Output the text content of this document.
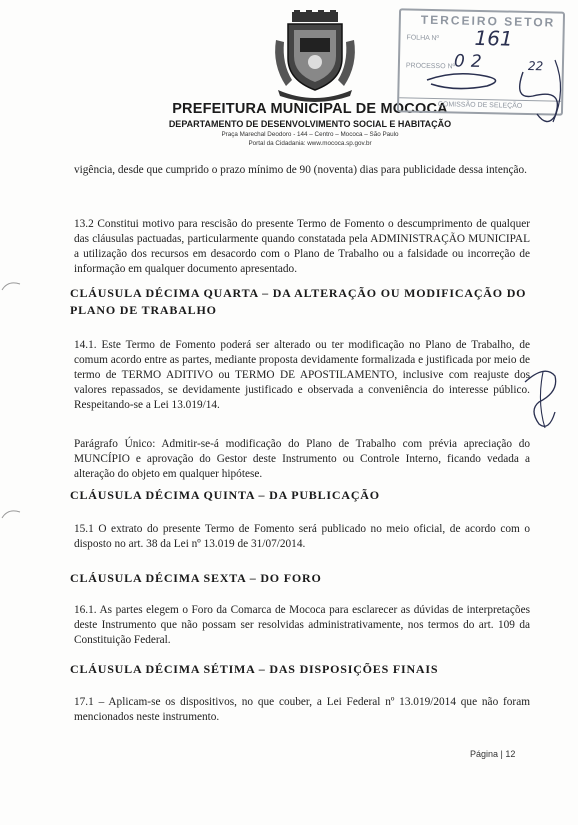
PREFEITURA MUNICIPAL DE MOCOCA
DEPARTAMENTO DE DESENVOLVIMENTO SOCIAL E HABITAÇÃO
Praça Marechal Deodoro - 144 – Centro – Mococa – São Paulo
Portal da Cidadania: www.mococa.sp.gov.br
TERCEIRO SETOR
FOLHA Nº
PROCESSO Nº
161
02	22
COMISSÃO DE SELEÇÃO
vigência, desde que cumprido o prazo mínimo de 90 (noventa) dias para publicidade dessa intenção.
13.2 Constitui motivo para rescisão do presente Termo de Fomento o descumprimento de qualquer das cláusulas pactuadas, particularmente quando constatada pela ADMINISTRAÇÃO MUNICIPAL a utilização dos recursos em desacordo com o Plano de Trabalho ou a falsidade ou incorreção de informação em qualquer documento apresentado.
CLÁUSULA DÉCIMA QUARTA – DA ALTERAÇÃO OU MODIFICAÇÃO DO PLANO DE TRABALHO
14.1. Este Termo de Fomento poderá ser alterado ou ter modificação no Plano de Trabalho, de comum acordo entre as partes, mediante proposta devidamente formalizada e justificada por meio de termo de TERMO ADITIVO ou TERMO DE APOSTILAMENTO, inclusive com reajuste dos valores repassados, se devidamente justificado e observada a conveniência do interesse público. Respeitando-se a Lei 13.019/14.
Parágrafo Único: Admitir-se-á modificação do Plano de Trabalho com prévia apreciação do MUNCÍPIO e aprovação do Gestor deste Instrumento ou Controle Interno, ficando vedada a alteração do objeto em qualquer hipótese.
CLÁUSULA DÉCIMA QUINTA – DA PUBLICAÇÃO
15.1 O extrato do presente Termo de Fomento será publicado no meio oficial, de acordo com o disposto no art. 38 da Lei nº 13.019 de 31/07/2014.
CLÁUSULA DÉCIMA SEXTA – DO FORO
16.1. As partes elegem o Foro da Comarca de Mococa para esclarecer as dúvidas de interpretações deste Instrumento que não possam ser resolvidas administrativamente, nos termos do art. 109 da Constituição Federal.
CLÁUSULA DÉCIMA SÉTIMA – DAS DISPOSIÇÕES FINAIS
17.1 – Aplicam-se os dispositivos, no que couber, a Lei Federal nº 13.019/2014 que não foram mencionados neste instrumento.
Página | 12
